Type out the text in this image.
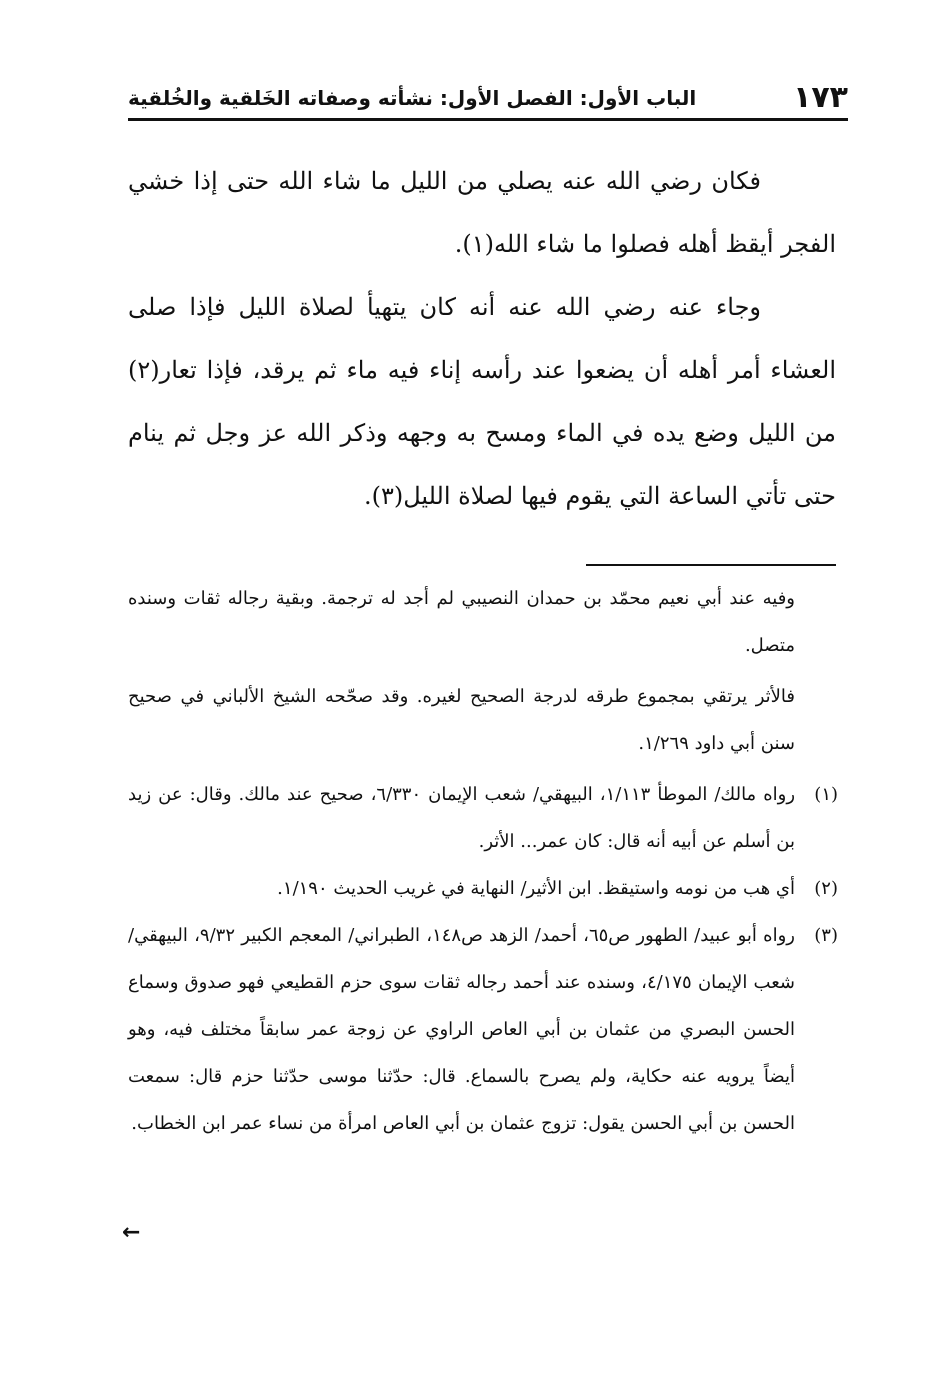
١٧٣
الباب الأول: الفصل الأول: نشأته وصفاته الخَلقية والخُلقية

فكان رضي الله عنه يصلي من الليل ما شاء الله حتى إذا خشي الفجر أيقظ أهله فصلوا ما شاء الله(١).

وجاء عنه رضي الله عنه أنه كان يتهيأ لصلاة الليل فإذا صلى العشاء أمر أهله أن يضعوا عند رأسه إناء فيه ماء ثم يرقد، فإذا تعار(٢) من الليل وضع يده في الماء ومسح به وجهه وذكر الله عز وجل ثم ينام حتى تأتي الساعة التي يقوم فيها لصلاة الليل(٣).

وفيه عند أبي نعيم محمّد بن حمدان النصيبي لم أجد له ترجمة. وبقية رجاله ثقات وسنده متصل.

فالأثر يرتقي بمجموع طرقه لدرجة الصحيح لغيره. وقد صحّحه الشيخ الألباني في صحيح سنن أبي داود ١/٢٦٩.

(١)رواه مالك/ الموطأ ١/١١٣، البيهقي/ شعب الإيمان ٦/٣٣٠، صحيح عند مالك. وقال: عن زيد بن أسلم عن أبيه أنه قال: كان عمر... الأثر.

(٢)أي هب من نومه واستيقظ. ابن الأثير/ النهاية في غريب الحديث ١/١٩٠.

(٣)رواه أبو عبيد/ الطهور ص٦٥، أحمد/ الزهد ص١٤٨، الطبراني/ المعجم الكبير ٩/٣٢، البيهقي/ شعب الإيمان ٤/١٧٥، وسنده عند أحمد رجاله ثقات سوى حزم القطيعي فهو صدوق وسماع الحسن البصري من عثمان بن أبي العاص الراوي عن زوجة عمر سابقاً مختلف فيه، وهو أيضاً يرويه عنه حكاية، ولم يصرح بالسماع. قال: حدّثنا موسى حدّثنا حزم قال: سمعت الحسن بن أبي الحسن يقول: تزوج عثمان بن أبي العاص امرأة من نساء عمر ابن الخطاب.

←
